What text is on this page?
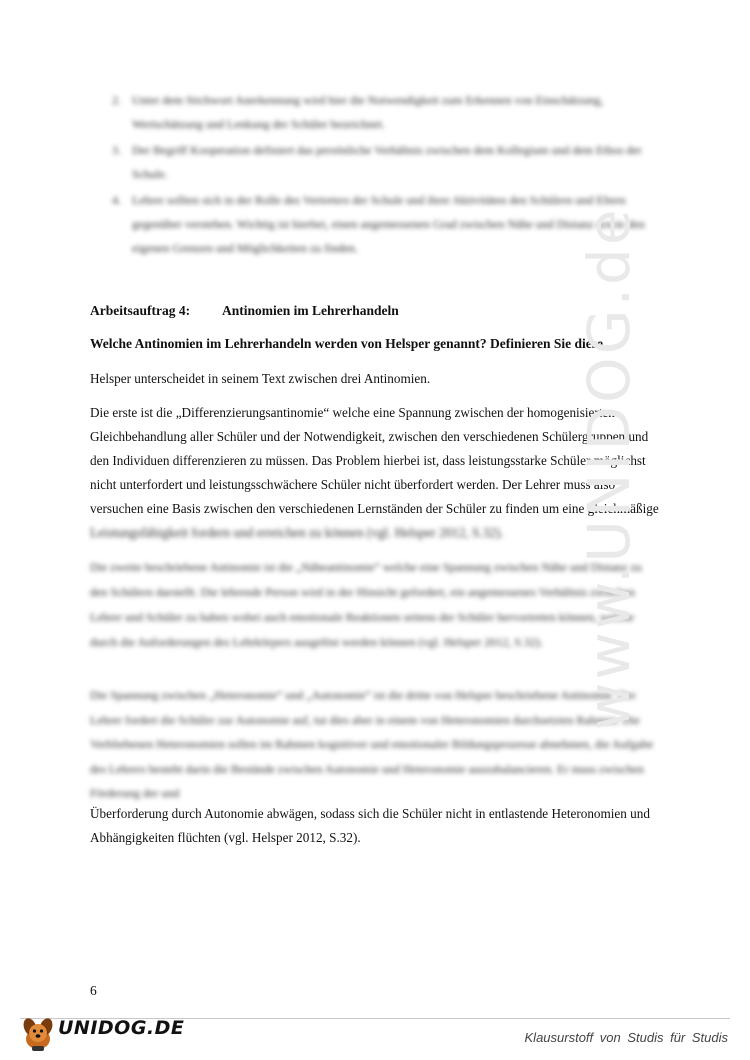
2. Unter dem Stichwort Anerkennung wird hier die Notwendigkeit zum Erkennen von Einschätzung, Wertschätzung und Lenkung der Schüler bezeichnet.
3. Der Begriff Kooperation definiert das persönliche Verhältnis zwischen dem Kollegium und dem Ethos der Schule.
4. Lehrer sollten sich in der Rolle des Vertreters der Schule und ihrer Aktivitäten den Schülern und Eltern gegenüber verstehen. Wichtig ist hierbei, einen angemessenen Grad zwischen Nähe und Distanz sowie den eigenen Grenzen und Möglichkeiten zu finden.
Arbeitsauftrag 4: Antinomien im Lehrerhandeln
Welche Antinomien im Lehrerhandeln werden von Helsper genannt? Definieren Sie diese.

Helsper unterscheidet in seinem Text zwischen drei Antinomien.

Die erste ist die „Differenzierungsantinomie“ welche eine Spannung zwischen der homogenisierten Gleichbehandlung aller Schüler und der Notwendigkeit, zwischen den verschiedenen Schülergruppen und den Individuen differenzieren zu müssen. Das Problem hierbei ist, dass leistungsstarke Schüler möglichst nicht unterfordert und leistungsschwächere Schüler nicht überfordert werden. Der Lehrer muss also versuchen eine Basis zwischen den verschiedenen Lernständen der Schüler zu finden um eine gleichmäßige

Leistungsfähigkeit fordern und erreichen zu können (vgl. Helsper 2012, S.32).

Die zweite beschriebene Antinomie ist die „Näheantinomie“ welche eine Spannung zwischen Nähe und Distanz zu den Schülern darstellt. Die lehrende Person wird in der Hinsicht gefordert, ein angemessenes Verhältnis zwischen Lehrer und Schüler zu haben wobei auch emotionale Reaktionen seitens der Schüler hervortreten können, welche durch die Anforderungen des Lehrkörpers ausgelöst werden können (vgl. Helsper 2012, S.32).

Die Spannung zwischen „Heteronomie“ und „Autonomie“ ist die dritte von Helsper beschriebene Antinomie. Der Lehrer fordert die Schüler zur Autonomie auf, tut dies aber in einem von Heteronomien durchsetzten Rahmen. Die Verbliebenen Heteronomien sollen im Rahmen kognitiver und emotionaler Bildungsprozesse abnehmen, die Aufgabe des Lehrers besteht darin die Bestände zwischen Autonomie und Heteronomie auszubalancieren. Er muss zwischen Förderung der und

Überforderung durch Autonomie abwägen, sodass sich die Schüler nicht in entlastende Heteronomien und Abhängigkeiten flüchten (vgl. Helsper 2012, S.32).

6
www.UNIDOG.de
UNIDOG.DE	Klausurstoff von Studis für Studis
